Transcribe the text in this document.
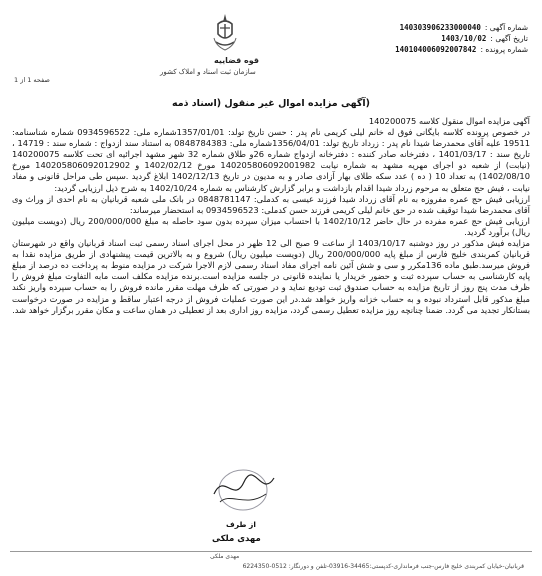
شماره آگهی :
140303906233000040
تاریخ آگهی :
1403/10/02
شماره پرونده :
140104006092007842
قوه قضاییه
سازمان ثبت اسناد و املاک کشور
صفحه 1 از 1
(آگهی مزایده اموال غیر منقول (اسناد ذمه

آگهی مزایده اموال منقول کلاسه 140200075

در خصوص پرونده کلاسه بایگانی فوق له خانم لیلی کریمی نام پدر : حسن تاریخ تولد: 1357/01/01شماره ملی: 0934596522 شماره شناسنامه: 19511 علیه آقای محمدرضا شیدا نام پدر : زرداد تاریخ تولد: 1356/04/01شماره ملی: 0848784383 به استناد سند ازدواج : شماره سند : 14719 ، تاریخ سند : 1401/03/17 ، دفترخانه صادر کننده : دفترخانه ازدواج شماره 26و طلاق شماره 32 شهر مشهد اجرائیه ای تحت کلاسه 140200075 (نیابت) از شعبه دو اجرای مهریه مشهد به شماره نیابت 140205806092001982 مورخ 1402/02/12 و 140205806092012902 مورخ 1402/08/10) به تعداد 10 ( ده ) عدد سکه طلای بهار آزادی صادر و به مدیون در تاریخ 1402/12/13 ابلاغ گردید .سپس طی مراحل قانونی و مفاد نیابت ، فیش حج متعلق به مرحوم زرداد شیدا اقدام بازداشت و برابر گزارش کارشناس به شماره 1402/10/24 به شرح ذیل ارزیابی گردید:

ارزیابی فیش حج عمره مفروزه به نام آقای زرداد شیدا فرزند عیسی به کدملی: 0848781147 در بانک ملی شعبه قربانیان به نام احدی از وراث وی آقای محمدرضا شیدا توقیف شده در حق خانم لیلی کریمی فرزند حسن کدملی: 0934596523 به استحضار میرساند:

ارزیابی فیش حج عمره مفرده در حال حاضر 1402/10/12 با احتساب میزان سپرده بدون سود حاصله به مبلغ 200/000/000 ریال (دویست میلیون ریال) برآورد گردید.

مزایده فیش مذکور در روز دوشنبه 1403/10/17 از ساعت 9 صبح الی 12 ظهر در محل اجرای اسناد رسمی ثبت اسناد قربانیان واقع در شهرستان قربانیان کمربندی خلیج فارس از مبلغ پایه 200/000/000 ریال (دویست میلیون ریال) شروع و به بالاترین قیمت پیشنهادی از طریق مزایده نقدا به فروش میرسد.طبق ماده 136مکرر و سی و شش آئین نامه اجرای مفاد اسناد رسمی لازم الاجرا شرکت در مزایده منوط به پرداخت ده درصد از مبلغ پایه کارشناسی به حساب سپرده ثبت و حضور خریدار یا نماینده قانونی در جلسه مزایده است.برنده مزایده مکلف است مابه التفاوت مبلغ فروش را ظرف مدت پنج روز از تاریخ مزایده به حساب صندوق ثبت تودیع نماید و در صورتی که ظرف مهلت مقرر مانده فروش را به حساب سپرده واریز نکند مبلغ مذکور قابل استرداد نبوده و به حساب خزانه واریز خواهد شد.در این صورت عملیات فروش از درجه اعتبار ساقط و مزایده در صورت درخواست بستانکار تجدید می گردد. ضمنا چنانچه روز مزایده تعطیل رسمی گردد، مزایده روز اداری بعد از تعطیلی در همان ساعت و مکان مقرر برگزار خواهد شد.

از طرف
مهدی ملکی
مهدی ملکی
قربانیان-خیابان کمربندی خلیج فارس-جنب فرمانداری-کدپستی:34465-03916-تلفن و دورنگار: 0512-6224350
